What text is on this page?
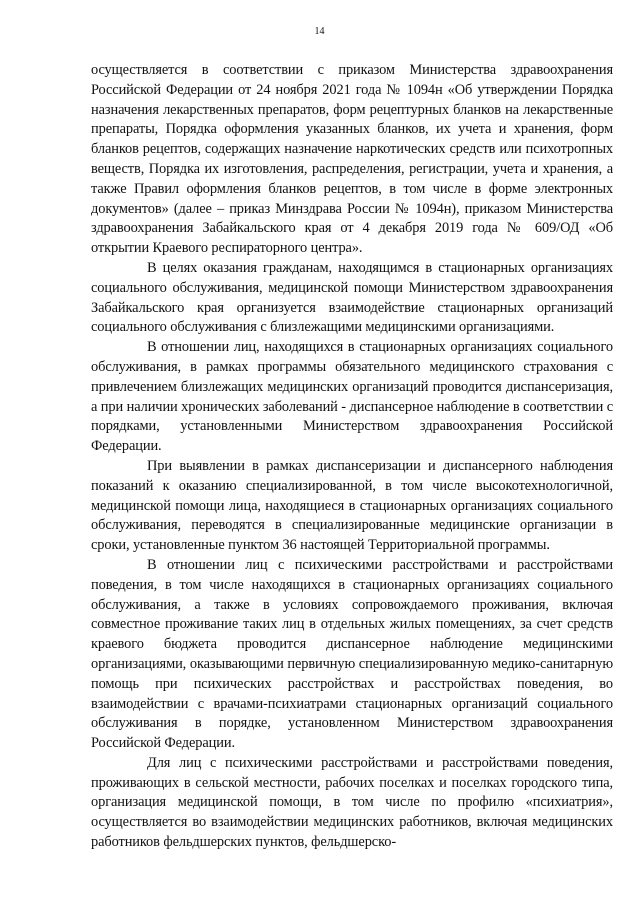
14

осуществляется в соответствии с приказом Министерства здравоохранения Российской Федерации от 24 ноября 2021 года № 1094н «Об утверждении Порядка назначения лекарственных препаратов, форм рецептурных бланков на лекарственные препараты, Порядка оформления указанных бланков, их учета и хранения, форм бланков рецептов, содержащих назначение наркотических средств или психотропных веществ, Порядка их изготовления, распределения, регистрации, учета и хранения, а также Правил оформления бланков рецептов, в том числе в форме электронных документов» (далее – приказ Минздрава России № 1094н), приказом Министерства здравоохранения Забайкальского края от 4 декабря 2019 года № 609/ОД «Об открытии Краевого респираторного центра».

В целях оказания гражданам, находящимся в стационарных организациях социального обслуживания, медицинской помощи Министерством здравоохранения Забайкальского края организуется взаимодействие стационарных организаций социального обслуживания с близлежащими медицинскими организациями.

В отношении лиц, находящихся в стационарных организациях социального обслуживания, в рамках программы обязательного медицинского страхования с привлечением близлежащих медицинских организаций проводится диспансеризация, а при наличии хронических заболеваний - диспансерное наблюдение в соответствии с порядками, установленными Министерством здравоохранения Российской Федерации.

При выявлении в рамках диспансеризации и диспансерного наблюдения показаний к оказанию специализированной, в том числе высокотехнологичной, медицинской помощи лица, находящиеся в стационарных организациях социального обслуживания, переводятся в специализированные медицинские организации в сроки, установленные пунктом 36 настоящей Территориальной программы.

В отношении лиц с психическими расстройствами и расстройствами поведения, в том числе находящихся в стационарных организациях социального обслуживания, а также в условиях сопровождаемого проживания, включая совместное проживание таких лиц в отдельных жилых помещениях, за счет средств краевого бюджета проводится диспансерное наблюдение медицинскими организациями, оказывающими первичную специализированную медико-санитарную помощь при психических расстройствах и расстройствах поведения, во взаимодействии с врачами-психиатрами стационарных организаций социального обслуживания в порядке, установленном Министерством здравоохранения Российской Федерации.

Для лиц с психическими расстройствами и расстройствами поведения, проживающих в сельской местности, рабочих поселках и поселках городского типа, организация медицинской помощи, в том числе по профилю «психиатрия», осуществляется во взаимодействии медицинских работников, включая медицинских работников фельдшерских пунктов, фельдшерско-
